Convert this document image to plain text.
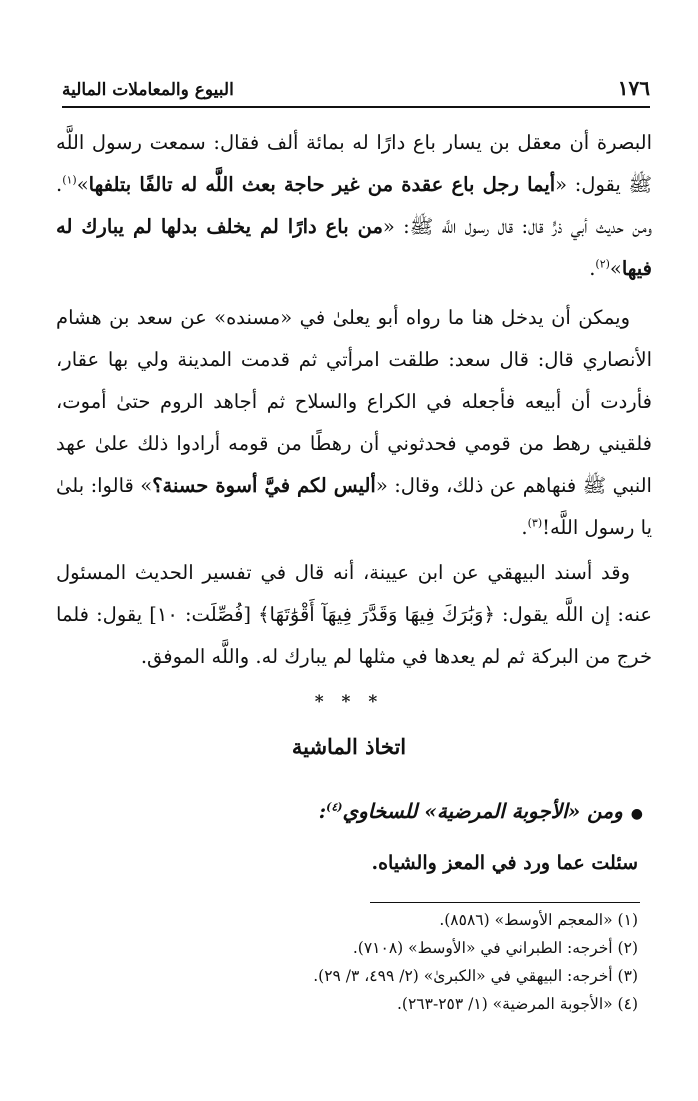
١٧٦
البيوع والمعاملات المالية

البصرة أن معقل بن يسار باع دارًا له بمائة ألف فقال: سمعت رسول اللَّه ﷺ يقول: «أيما رجل باع عقدة من غير حاجة بعث اللَّه له تالفًا بتلفها»$^{(١)}$. ومن حديث أبي ذرٍّ قال: قال رسول اللَّه ﷺ: «من باع دارًا لم يخلف بدلها لم يبارك له فيها»$^{(٢)}$.

ويمكن أن يدخل هنا ما رواه أبو يعلىٰ في «مسنده» عن سعد بن هشام الأنصاري قال: قال سعد: طلقت امرأتي ثم قدمت المدينة ولي بها عقار، فأردت أن أبيعه فأجعله في الكراع والسلاح ثم أجاهد الروم حتىٰ أموت، فلقيني رهط من قومي فحدثوني أن رهطًا من قومه أرادوا ذلك علىٰ عهد النبي ﷺ فنهاهم عن ذلك، وقال: «أليس لكم فيَّ أسوة حسنة؟» قالوا: بلىٰ يا رسول اللَّه!$^{(٣)}$.

وقد أسند البيهقي عن ابن عيينة، أنه قال في تفسير الحديث المسئول عنه: إن اللَّه يقول: ﴿وَبَٰرَكَ فِيهَا وَقَدَّرَ فِيهَآ أَقْوَٰتَهَا﴾ [فُصِّلَت: ١٠] يقول: فلما خرج من البركة ثم لم يعدها في مثلها لم يبارك له. واللَّه الموفق.

* * *
اتخاذ الماشية
●ومن «الأجوبة المرضية» للسخاوي$^{(٤)}$:
سئلت عما ورد في المعز والشياه.
(١) «المعجم الأوسط» (٨٥٨٦).
(٢) أخرجه: الطبراني في «الأوسط» (٧١٠٨).
(٣) أخرجه: البيهقي في «الكبرىٰ» (٢/ ٤٩٩، ٣/ ٢٩).
(٤) «الأجوبة المرضية» (١/ ٢٥٣-٢٦٣).
